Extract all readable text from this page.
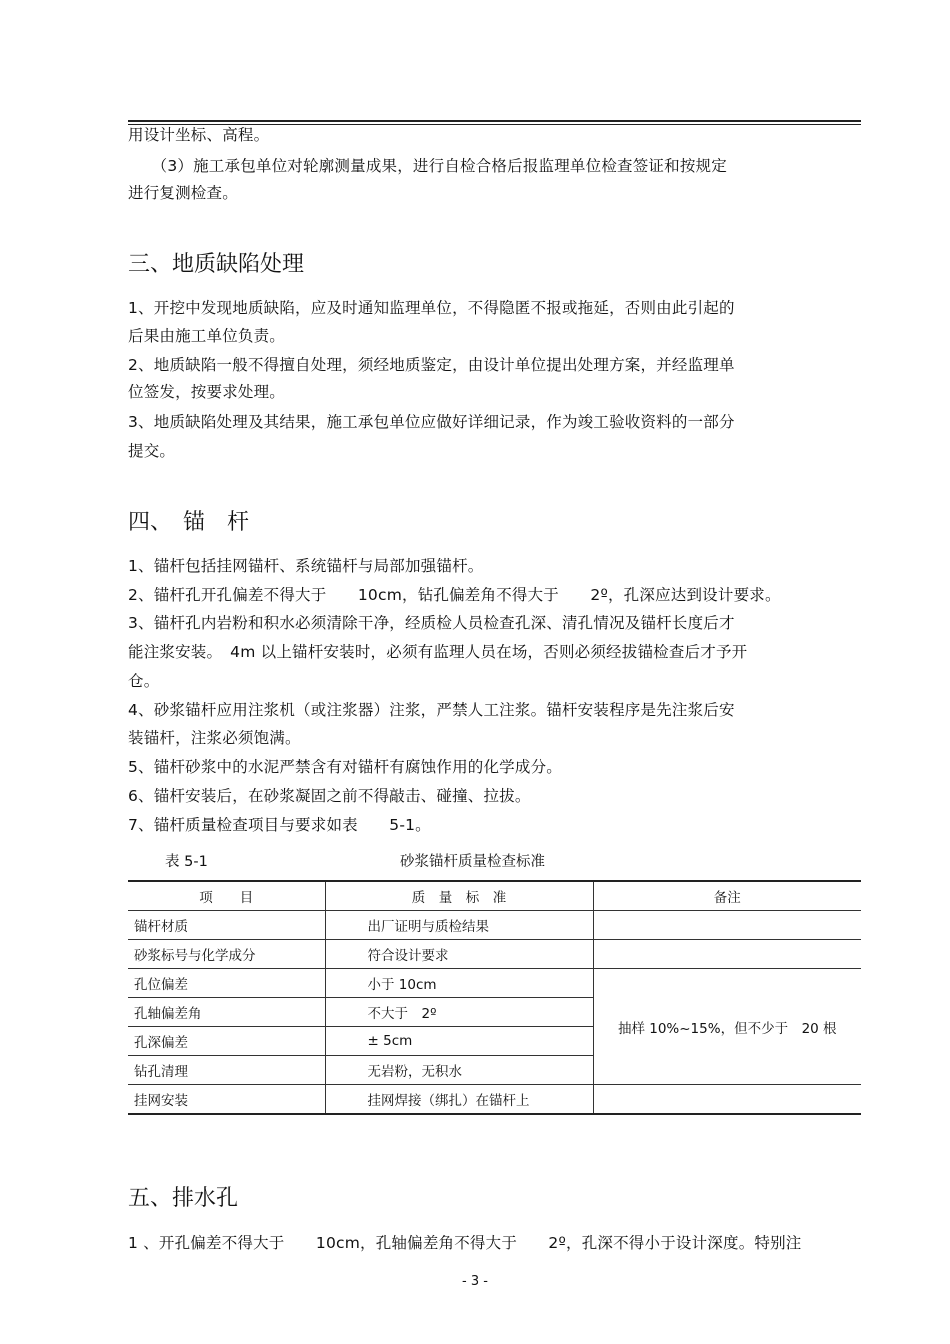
用设计坐标、高程。
　　（3）施工承包单位对轮廓测量成果，进行自检合格后报监理单位检查签证和按规定
进行复测检查。
三、地质缺陷处理
1、开挖中发现地质缺陷，应及时通知监理单位，不得隐匿不报或拖延，否则由此引起的
后果由施工单位负责。
2、地质缺陷一般不得擅自处理，须经地质鉴定，由设计单位提出处理方案，并经监理单
位签发，按要求处理。
3、地质缺陷处理及其结果，施工承包单位应做好详细记录，作为竣工验收资料的一部分
提交。
四、　锚　杆
1、锚杆包括挂网锚杆、系统锚杆与局部加强锚杆。
2、锚杆孔开孔偏差不得大于　　10cm，钻孔偏差角不得大于　　2º，孔深应达到设计要求。
3、锚杆孔内岩粉和积水必须清除干净，经质检人员检查孔深、清孔情况及锚杆长度后才
能注浆安装。　4m 以上锚杆安装时，必须有监理人员在场，否则必须经拔锚检查后才予开
仓。
4、砂浆锚杆应用注浆机（或注浆器）注浆，严禁人工注浆。锚杆安装程序是先注浆后安
装锚杆，注浆必须饱满。
5、锚杆砂浆中的水泥严禁含有对锚杆有腐蚀作用的化学成分。
6、锚杆安装后，在砂浆凝固之前不得敲击、碰撞、拉拔。
7、锚杆质量检查项目与要求如表　　5-1。
表 5-1	砂浆锚杆质量检查标准
项　　目	质　量　标　准	备注
锚杆材质	出厂证明与质检结果	
砂浆标号与化学成分	符合设计要求	
孔位偏差	小于 10cm	抽样 10%~15%，但不少于　20 根
孔轴偏差角	不大于　2º	
孔深偏差	± 5cm	
钻孔清理	无岩粉，无积水	
挂网安装	挂网焊接（绑扎）在锚杆上	
五、排水孔
1 、开孔偏差不得大于　　10cm，孔轴偏差角不得大于　　2º，孔深不得小于设计深度。特别注
- 3 -
